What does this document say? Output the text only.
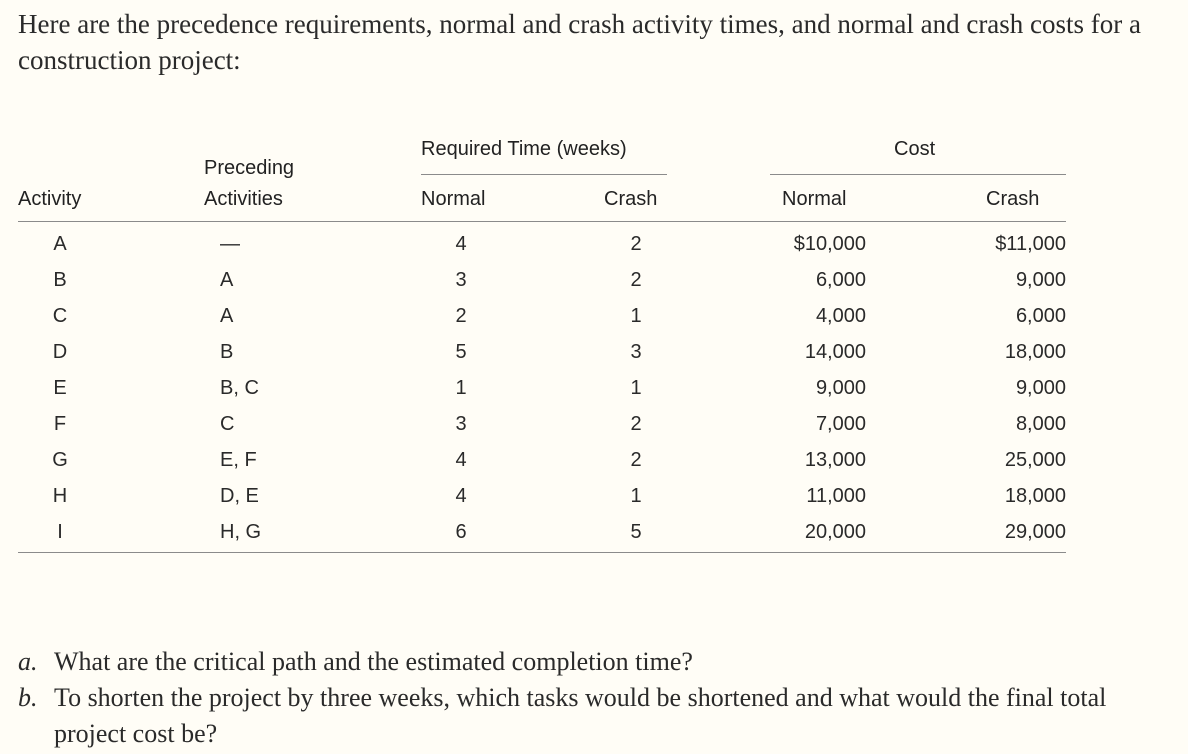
Here are the precedence requirements, normal and crash activity times, and normal and crash costs for a construction project:
Required Time (weeks)	Cost
Preceding
Activity	Activities	Normal	Crash	Normal	Crash
A	—	4	2	$10,000	$11,000
B	A	3	2	6,000	9,000
C	A	2	1	4,000	6,000
D	B	5	3	14,000	18,000
E	B, C	1	1	9,000	9,000
F	C	3	2	7,000	8,000
G	E, F	4	2	13,000	25,000
H	D, E	4	1	11,000	18,000
I	H, G	6	5	20,000	29,000
a. What are the critical path and the estimated completion time?
b. To shorten the project by three weeks, which tasks would be shortened and what would the final total project cost be?
